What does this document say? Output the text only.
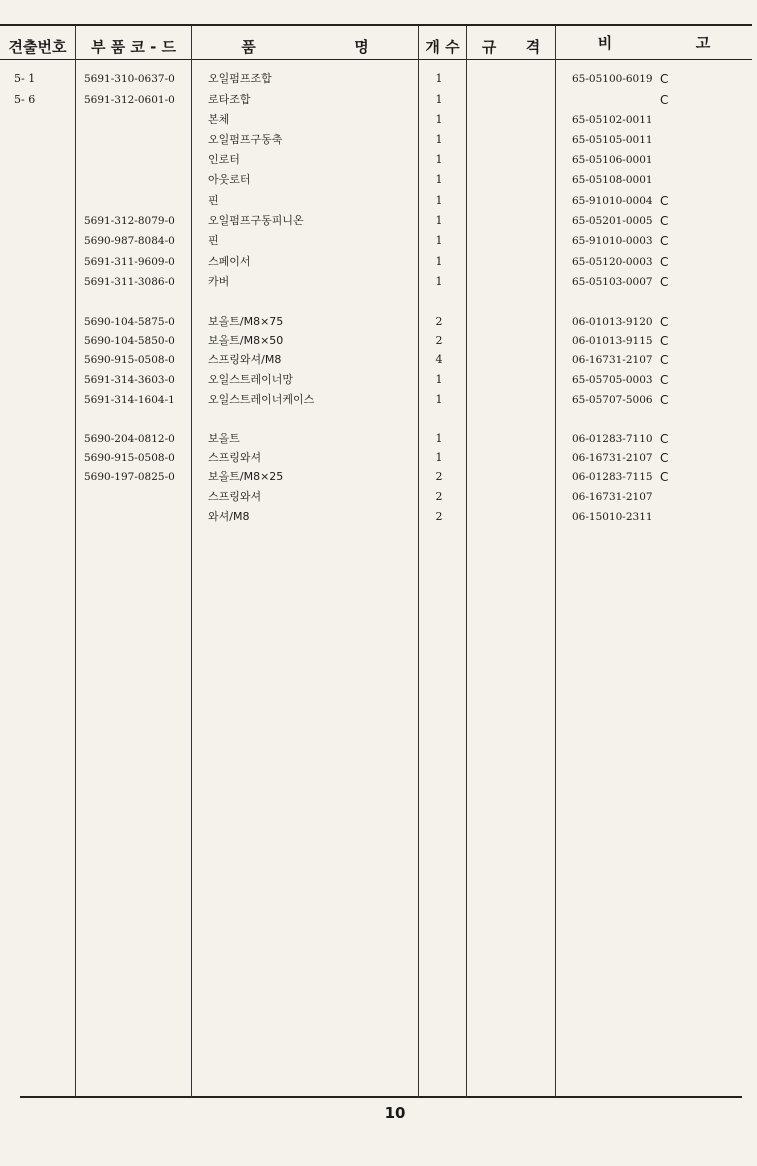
견출번호 부 품 코 - 드	품	명	개 수 규 격	비	고
5- 1	5691-310-0637-0	오일펌프조합	1	65-05100-6019 C
5- 6	5691-312-0601-0	로타조합	1	C
본체	1	65-05102-0011
오일펌프구동축	1	65-05105-0011
인로터	1	65-05106-0001
아웃로터	1	65-05108-0001
핀	1	65-91010-0004 C
5691-312-8079-0	오일펌프구동피니온	1	65-05201-0005 C
5690-987-8084-0	핀	1	65-91010-0003 C
5691-311-9609-0	스페이서	1	65-05120-0003 C
5691-311-3086-0	카버	1	65-05103-0007 C
5690-104-5875-0	보올트/M8×75	2	06-01013-9120 C
5690-104-5850-0	보올트/M8×50	2	06-01013-9115 C
5690-915-0508-0	스프링와셔/M8	4	06-16731-2107 C
5691-314-3603-0	오일스트레이너망	1	65-05705-0003 C
5691-314-1604-1	오일스트레이너케이스	1	65-05707-5006 C
5690-204-0812-0	보올트	1	06-01283-7110 C
5690-915-0508-0	스프링와셔	1	06-16731-2107 C
5690-197-0825-0	보올트/M8×25	2	06-01283-7115 C
스프링와셔	2	06-16731-2107
와셔/M8	2	06-15010-2311
10
